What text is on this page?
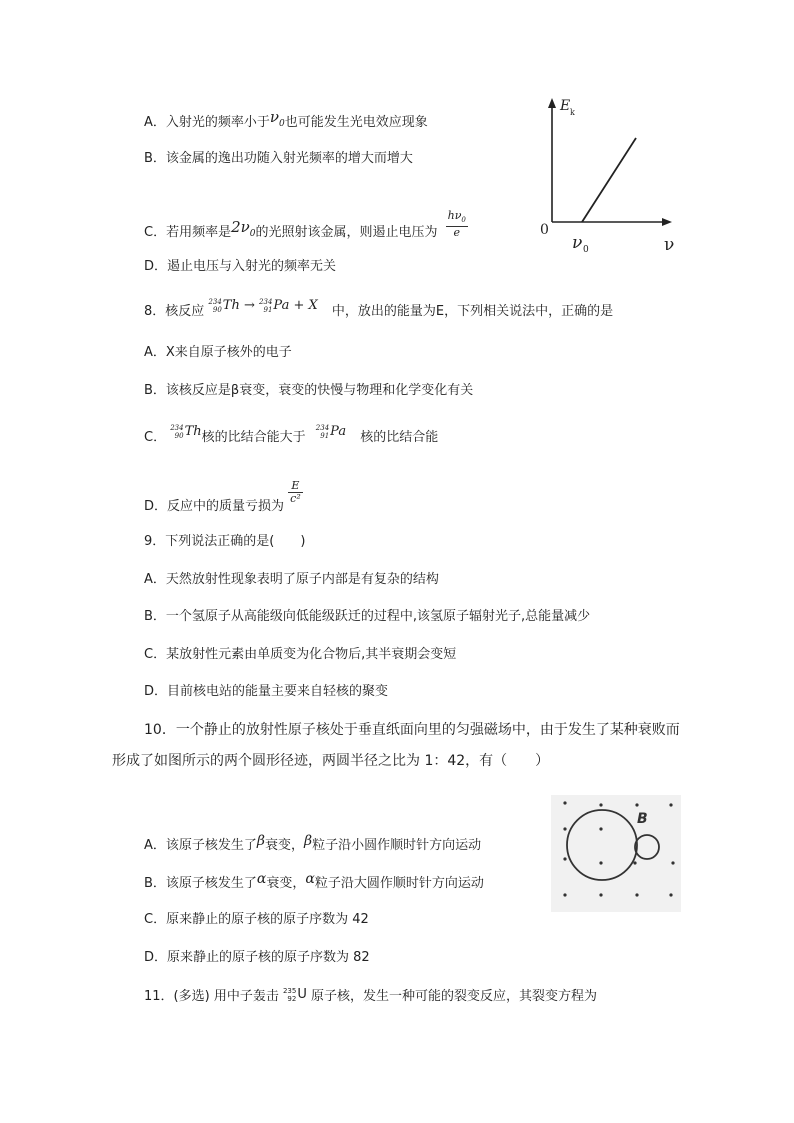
A．入射光的频率小于$\nu_0$也可能发生光电效应现象
B．该金属的逸出功随入射光频率的增大而增大
C．若用频率是$2\nu_0$的光照射该金属，则遏止电压为 $\frac{h\nu_0}{e}$
D．遏止电压与入射光的频率无关
E k
0
ν 0	ν
8．核反应
234
90 Th → 234
91 Pa + X 中，放出的能量为E，下列相关说法中，正确的是
A．X来自原子核外的电子
B．该核反应是β衰变，衰变的快慢与物理和化学变化有关
C．
234
90 Th核的比结合能大于
234
91 Pa 核的比结合能
D．反应中的质量亏损为
$\frac{E}{\text{c²}}$
9．下列说法正确的是(　　)
A．天然放射性现象表明了原子内部是有复杂的结构
B．一个氢原子从高能级向低能级跃迁的过程中,该氢原子辐射光子,总能量减少
C．某放射性元素由单质变为化合物后,其半衰期会变短
D．目前核电站的能量主要来自轻核的聚变
10．一个静止的放射性原子核处于垂直纸面向里的匀强磁场中，由于发生了某种衰败而
形成了如图所示的两个圆形径迹，两圆半径之比为 1：42，有（　　）
A．该原子核发生了β衰变，β粒子沿小圆作顺时针方向运动
B．该原子核发生了α衰变，α粒子沿大圆作顺时针方向运动
C．原来静止的原子核的原子序数为 42
D．原来静止的原子核的原子序数为 82
B
11．(多选) 用中子轰击 235
92 U 原子核，发生一种可能的裂变反应，其裂变方程为
